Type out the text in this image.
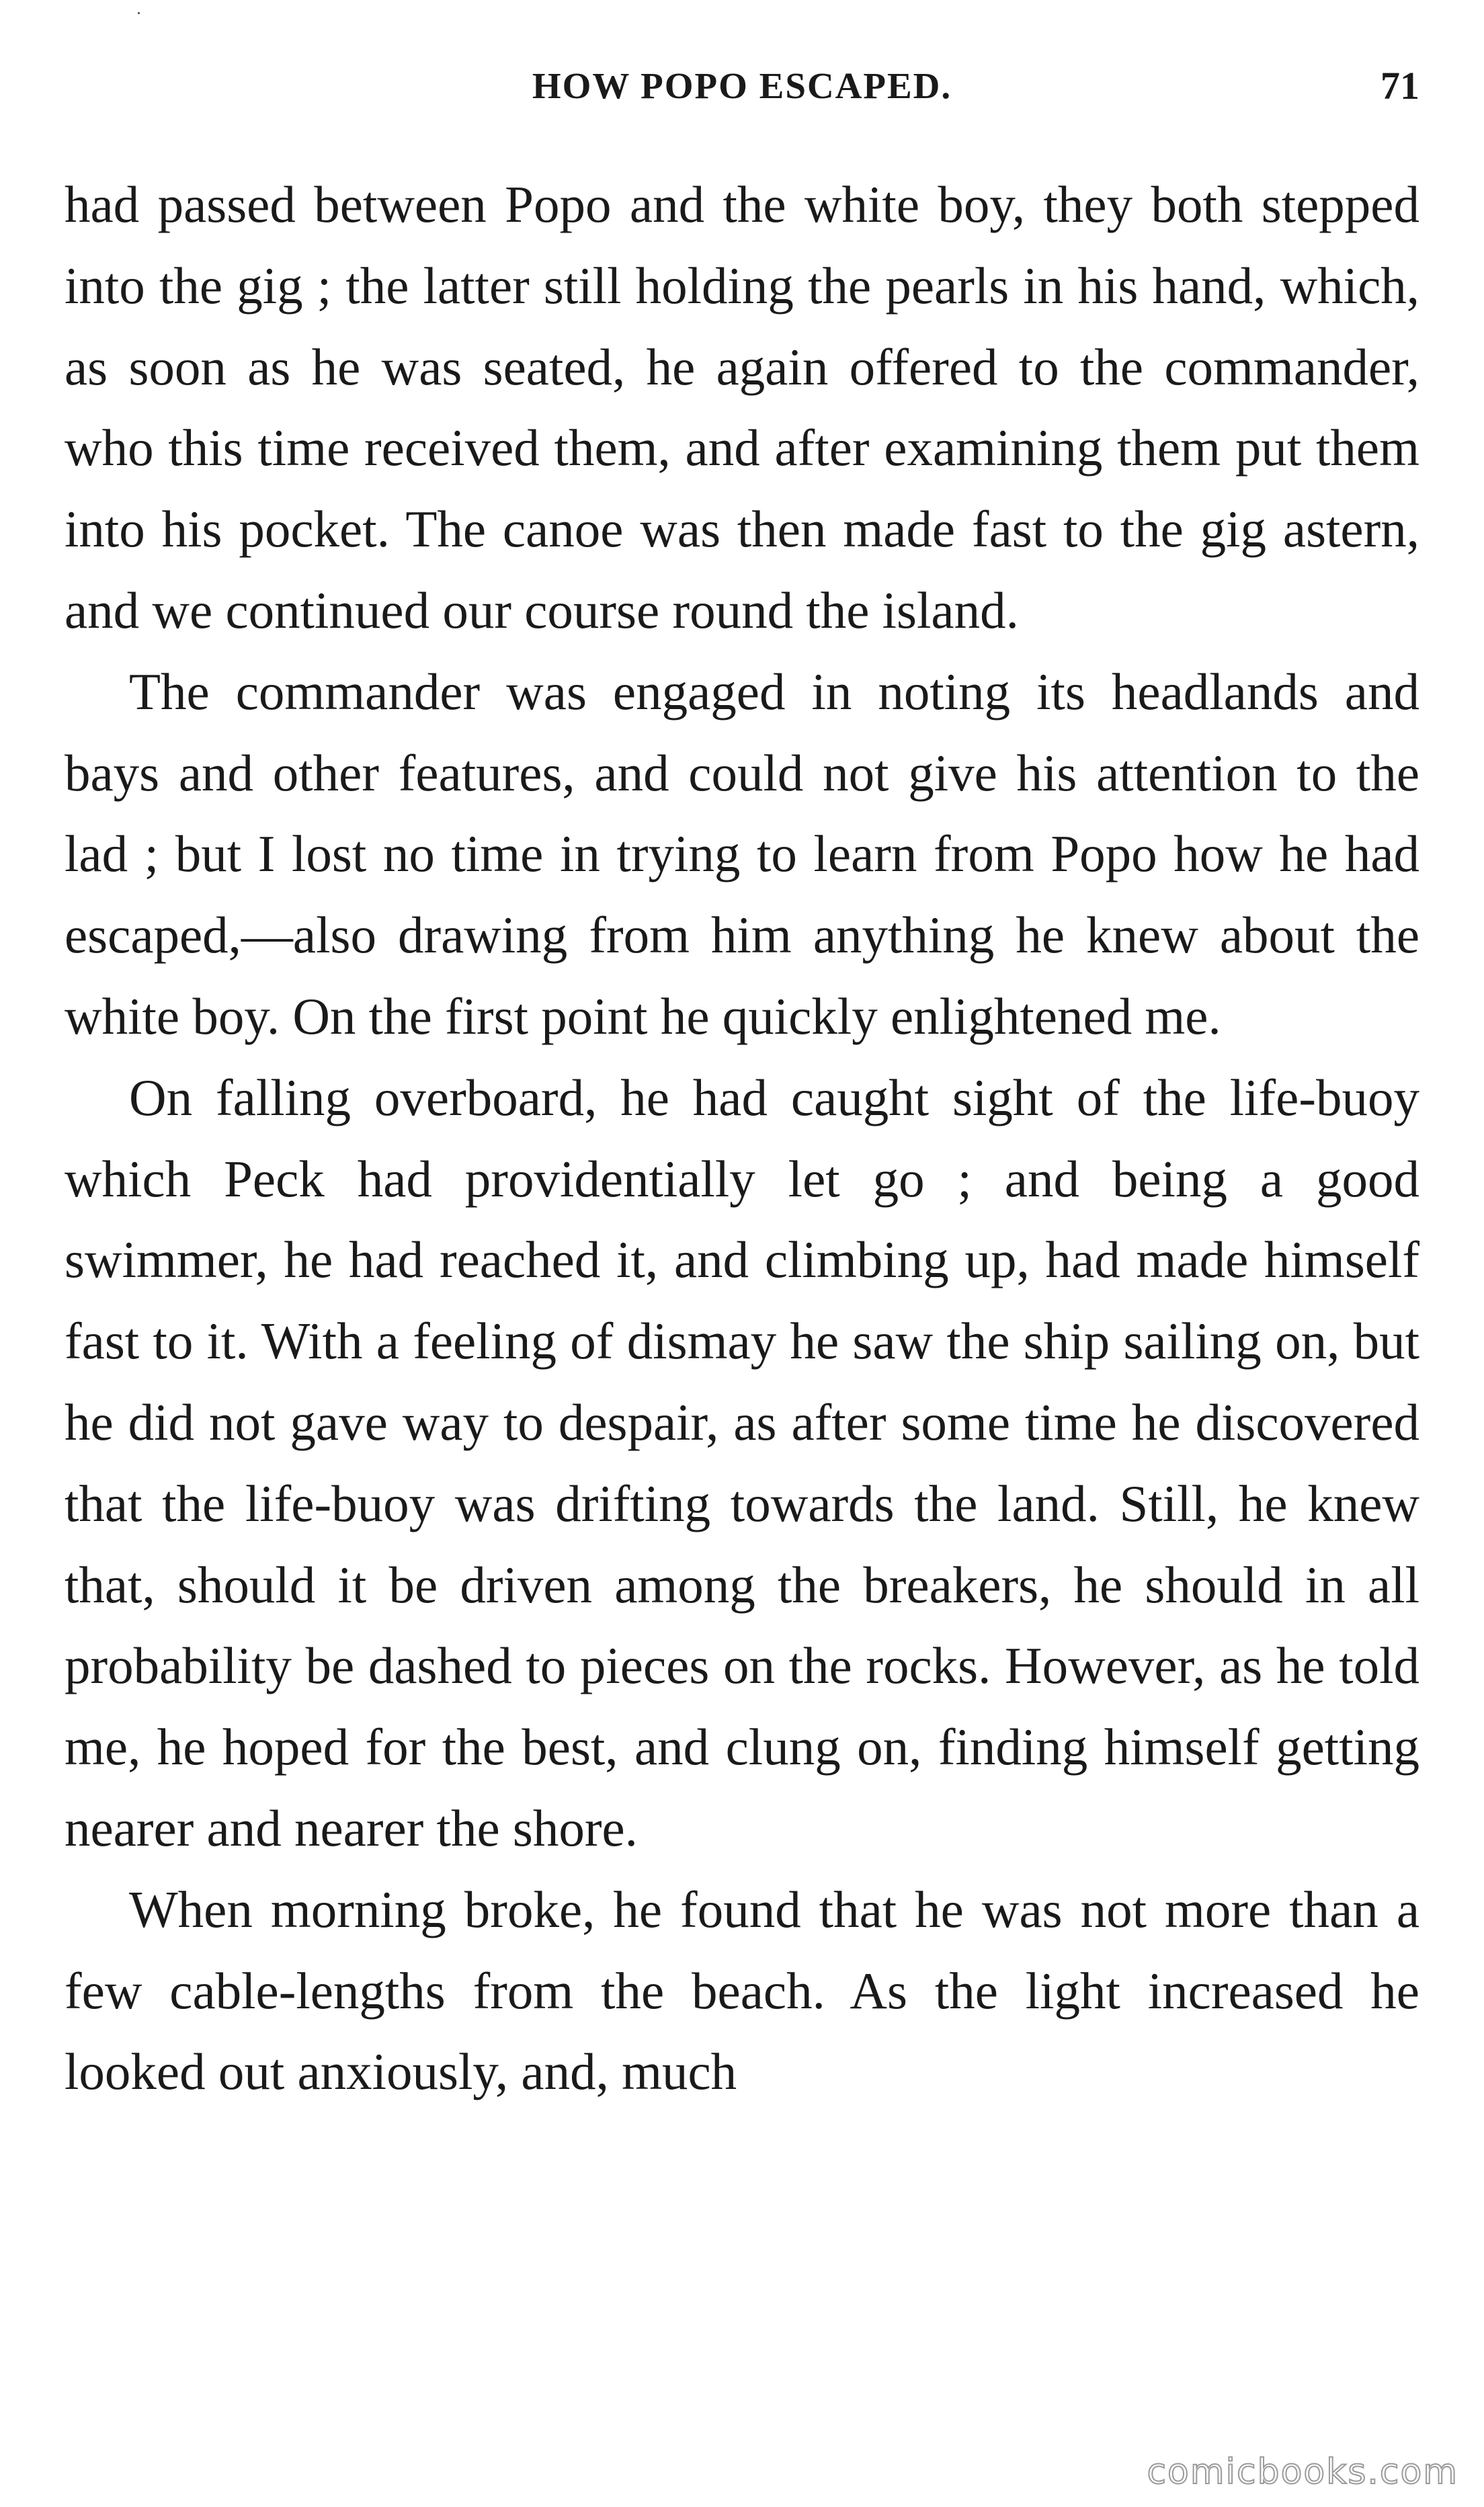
HOW POPO ESCAPED.	71

had passed between Popo and the white boy, they both stepped into the gig ; the latter still holding the pearls in his hand, which, as soon as he was seated, he again offered to the commander, who this time received them, and after examining them put them into his pocket. The canoe was then made fast to the gig astern, and we continued our course round the island.

The commander was engaged in noting its headlands and bays and other features, and could not give his attention to the lad ; but I lost no time in trying to learn from Popo how he had escaped,—also drawing from him anything he knew about the white boy. On the first point he quickly enlightened me.

On falling overboard, he had caught sight of the life-buoy which Peck had providentially let go ; and being a good swimmer, he had reached it, and climbing up, had made himself fast to it. With a feeling of dismay he saw the ship sailing on, but he did not gave way to despair, as after some time he discovered that the life-buoy was drifting towards the land. Still, he knew that, should it be driven among the breakers, he should in all probability be dashed to pieces on the rocks. However, as he told me, he hoped for the best, and clung on, finding himself getting nearer and nearer the shore.

When morning broke, he found that he was not more than a few cable-lengths from the beach. As the light increased he looked out anxiously, and, much

comicbooks.com
